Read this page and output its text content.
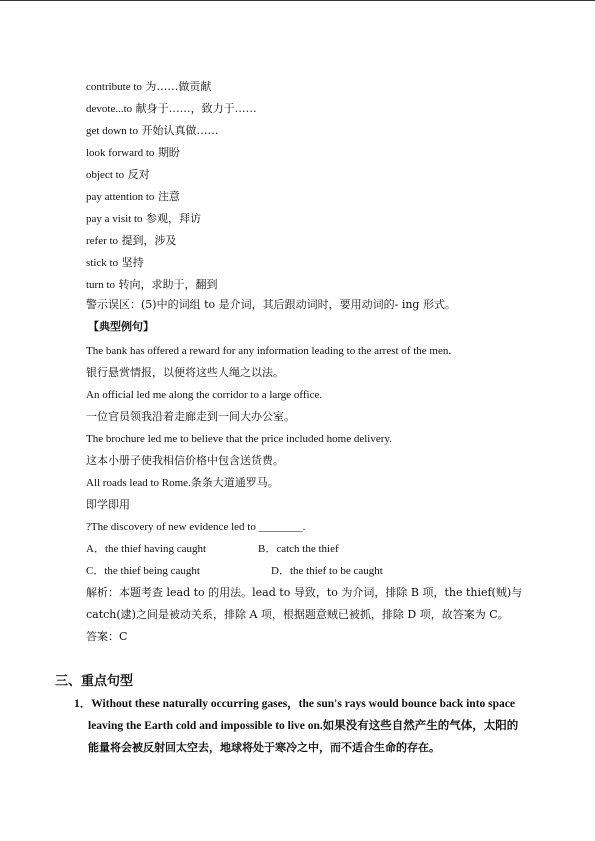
contribute to 为……做贡献
devote...to 献身于……，致力于……
get down to 开始认真做……
look forward to 期盼
object to 反对
pay attention to 注意
pay a visit to 参观，拜访
refer to 提到，涉及
stick to 坚持
turn to 转向，求助于，翻到
警示误区：(5)中的词组 to 是介词，其后跟动词时，要用动词的- ing 形式。
【典型例句】
The bank has offered a reward for any information leading to the arrest of the men.
银行悬赏情报，以便将这些人绳之以法。
An official led me along the corridor to a large office.
一位官员领我沿着走廊走到一间大办公室。
The brochure led me to believe that the price included home delivery.
这本小册子使我相信价格中包含送货费。
All roads lead to Rome.条条大道通罗马。
即学即用
?The discovery of new evidence led to ________.
A．the thief having caught	B．catch the thief
C．the thief being caught	D．the thief to be caught
解析：本题考查 lead to 的用法。lead to 导致，to 为介词，排除 B 项，the thief(贼)与
catch(逮)之间是被动关系，排除 A 项，根据题意贼已被抓，排除 D 项，故答案为 C。
答案：C
三、重点句型
1．Without these naturally occurring gases，the sun's rays would bounce back into space
leaving the Earth cold and impossible to live on.如果没有这些自然产生的气体，太阳的
能量将会被反射回太空去，地球将处于寒冷之中，而不适合生命的存在。
